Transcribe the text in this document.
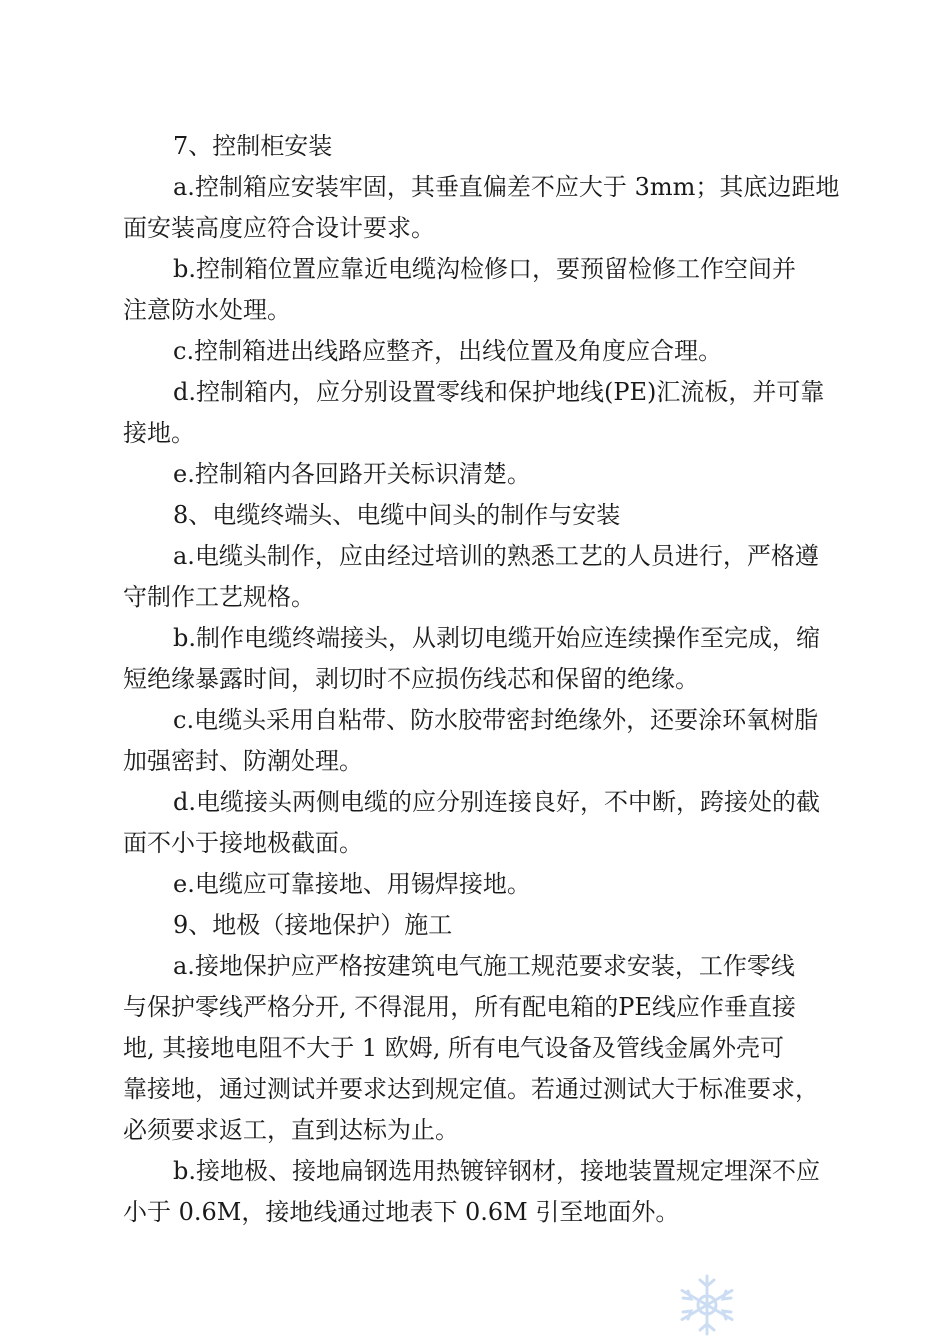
7、控制柜安装
a.控制箱应安装牢固，其垂直偏差不应大于 3mm；其底边距地
面安装高度应符合设计要求。
b.控制箱位置应靠近电缆沟检修口，要预留检修工作空间并
注意防水处理。
c.控制箱进出线路应整齐，出线位置及角度应合理。
d.控制箱内，应分别设置零线和保护地线(PE)汇流板，并可靠
接地。
e.控制箱内各回路开关标识清楚。
8、电缆终端头、电缆中间头的制作与安装
a.电缆头制作，应由经过培训的熟悉工艺的人员进行，严格遵
守制作工艺规格。
b.制作电缆终端接头，从剥切电缆开始应连续操作至完成，缩
短绝缘暴露时间，剥切时不应损伤线芯和保留的绝缘。
c.电缆头采用自粘带、防水胶带密封绝缘外，还要涂环氧树脂
加强密封、防潮处理。
d.电缆接头两侧电缆的应分别连接良好，不中断，跨接处的截
面不小于接地极截面。
e.电缆应可靠接地、用锡焊接地。
9、地极（接地保护）施工
a.接地保护应严格按建筑电气施工规范要求安装，工作零线
与保护零线严格分开, 不得混用，所有配电箱的PE线应作垂直接
地, 其接地电阻不大于 1 欧姆, 所有电气设备及管线金属外壳可
靠接地，通过测试并要求达到规定值。若通过测试大于标准要求，
必须要求返工，直到达标为止。
b.接地极、接地扁钢选用热镀锌钢材，接地装置规定埋深不应
小于 0.6M，接地线通过地表下 0.6M 引至地面外。
